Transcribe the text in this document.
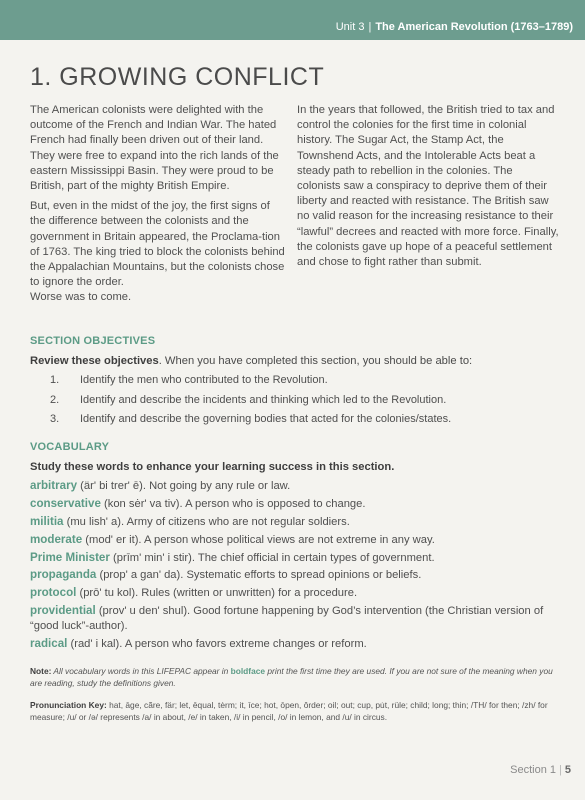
Unit 3 | The American Revolution (1763–1789)
1. GROWING CONFLICT

The American colonists were delighted with the outcome of the French and Indian War. The hated French had finally been driven out of their land. They were free to expand into the rich lands of the eastern Mississippi Basin. They were proud to be British, part of the mighty British Empire.

But, even in the midst of the joy, the first signs of the difference between the colonists and the government in Britain appeared, the Proclama-tion of 1763. The king tried to block the colonists behind the Appalachian Mountains, but the colonists chose to ignore the order.

Worse was to come.

In the years that followed, the British tried to tax and control the colonies for the first time in colonial history. The Sugar Act, the Stamp Act, the Townshend Acts, and the Intolerable Acts beat a steady path to rebellion in the colonies. The colonists saw a conspiracy to deprive them of their liberty and reacted with resistance. The British saw no valid reason for the increasing resistance to their “lawful” decrees and reacted with more force. Finally, the colonists gave up hope of a peaceful settlement and chose to fight rather than submit.

SECTION OBJECTIVES
Review these objectives. When you have completed this section, you should be able to:
1. Identify the men who contributed to the Revolution.
2. Identify and describe the incidents and thinking which led to the Revolution.
3. Identify and describe the governing bodies that acted for the colonies/states.
VOCABULARY
Study these words to enhance your learning success in this section.
arbitrary (är' bi trer' ē). Not going by any rule or law.
conservative (kon sėr' va tiv). A person who is opposed to change.
militia (mu lish' a). Army of citizens who are not regular soldiers.
moderate (mod' er it). A person whose political views are not extreme in any way.
Prime Minister (prīm' min' i stir). The chief official in certain types of government.
propaganda (prop' a gan' da). Systematic efforts to spread opinions or beliefs.
protocol (prō' tu kol). Rules (written or unwritten) for a procedure.
providential (prov' u den' shul). Good fortune happening by God’s intervention (the Christian version of “good luck”-author).
radical (rad' i kal). A person who favors extreme changes or reform.
Note: All vocabulary words in this LIFEPAC appear in boldface print the first time they are used. If you are not sure of the meaning when you are reading, study the definitions given.
Pronunciation Key: hat, āge, cãre, fär; let, ēqual, tėrm; it, īce; hot, ōpen, ôrder; oil; out; cup, pu̇t, rüle; child; long; thin; /TH/ for then; /zh/ for measure; /u/ or /ə/ represents /a/ in about, /e/ in taken, /i/ in pencil, /o/ in lemon, and /u/ in circus.
Section 1 | 5
